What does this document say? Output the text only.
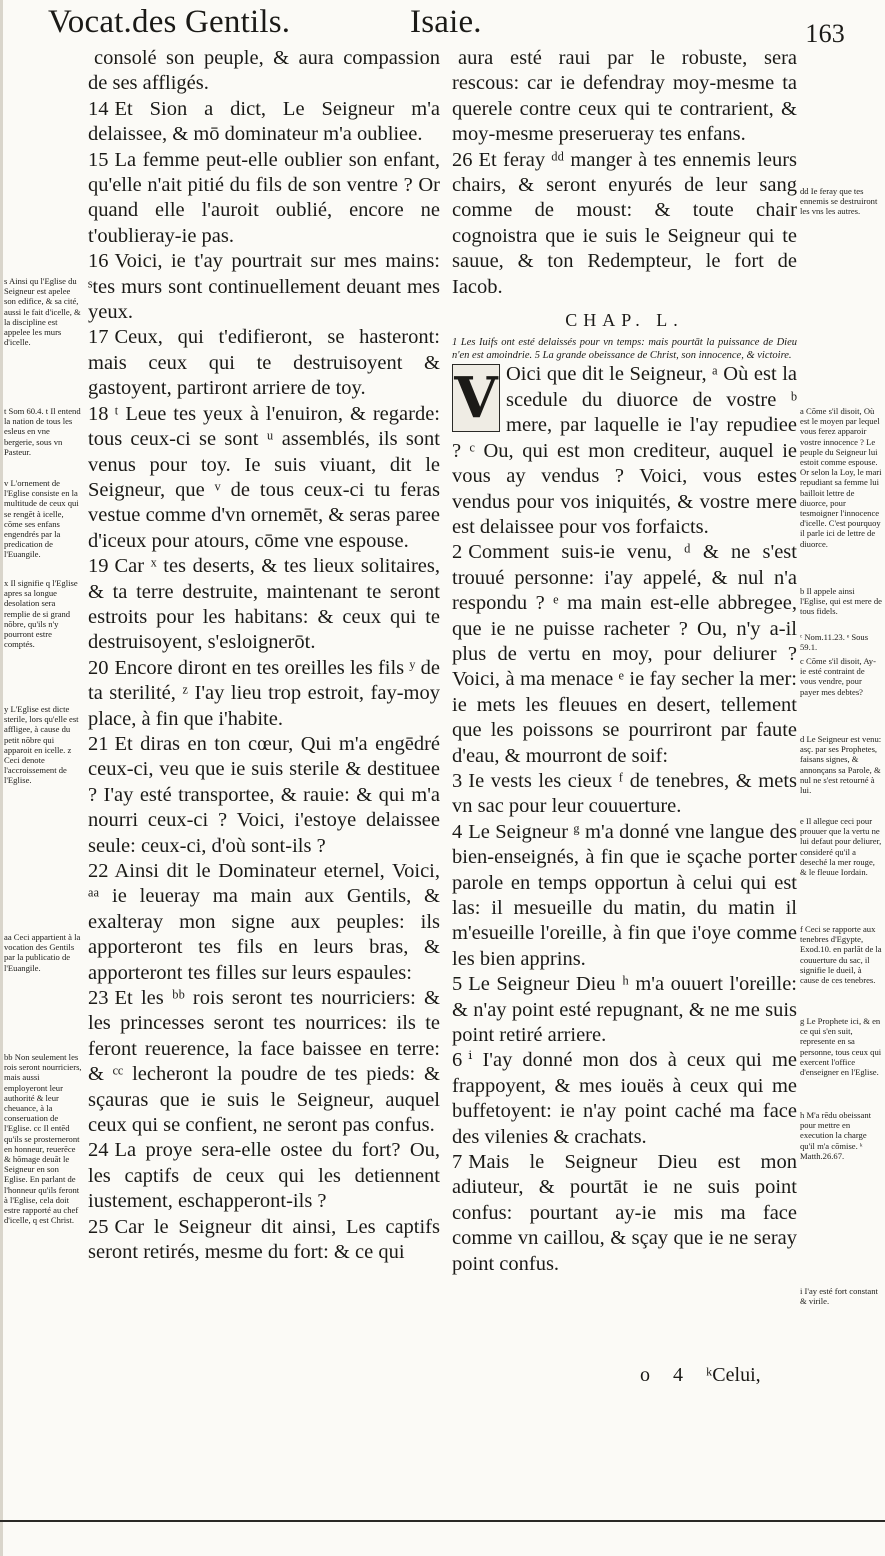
Vocat.des Gentils.	Isaie.	163

s Ainsi qu l'Eglise du Seigneur est apelee son edifice, & sa cité, aussi le fait d'icelle, & la discipline est appelee les murs d'icelle.

t Som 60.4. t Il entend la nation de tous les esleus en vne bergerie, sous vn Pasteur.

v L'ornement de l'Eglise consiste en la multitude de ceux qui se rengēt à icelle, cōme ses enfans engendrés par la predication de l'Euangile.

x Il signifie q l'Eglise apres sa longue desolation sera remplie de si grand nōbre, qu'ils n'y pourront estre comptés.

y L'Eglise est dicte sterile, lors qu'elle est affligee, à cause du petit nōbre qui apparoit en icelle. z Ceci denote l'accroissement de l'Eglise.

aa Ceci appartient à la vocation des Gentils par la publicatio de l'Euangile.

bb Non seulement les rois seront nourriciers, mais aussi employeront leur authorité & leur cheuance, à la conseruation de l'Eglise. cc Il entēd qu'ils se prosterneront en honneur, reuerēce & hōmage deuāt le Seigneur en son Eglise. En parlant de l'honneur qu'ils feront à l'Eglise, cela doit estre rapporté au chef d'icelle, q est Christ.

consolé son peuple, & aura compassion de ses affligés.

14 Et Sion a dict, Le Seigneur m'a delaissee, & mō dominateur m'a oubliee.

15 La femme peut-elle oublier son enfant, qu'elle n'ait pitié du fils de son ventre ? Or quand elle l'auroit oublié, encore ne t'oublieray-ie pas.

16 Voici, ie t'ay pourtrait sur mes mains: ˢtes murs sont continuellement deuant mes yeux.

17 Ceux, qui t'edifieront, se hasteront: mais ceux qui te destruisoyent & gastoyent, partiront arriere de toy.

18 ᵗ Leue tes yeux à l'enuiron, & regarde: tous ceux-ci se sont ᵘ assemblés, ils sont venus pour toy. Ie suis viuant, dit le Seigneur, que ᵛ de tous ceux-ci tu feras vestue comme d'vn ornemēt, & seras paree d'iceux pour atours, cōme vne espouse.

19 Car ˣ tes deserts, & tes lieux solitaires, & ta terre destruite, maintenant te seront estroits pour les habitans: & ceux qui te destruisoyent, s'esloignerōt.

20 Encore diront en tes oreilles les fils ʸ de ta sterilité, ᶻ I'ay lieu trop estroit, fay-moy place, à fin que i'habite.

21 Et diras en ton cœur, Qui m'a engēdré ceux-ci, veu que ie suis sterile & destituee ? I'ay esté transportee, & rauie: & qui m'a nourri ceux-ci ? Voici, i'estoye delaissee seule: ceux-ci, d'où sont-ils ?

22 Ainsi dit le Dominateur eternel, Voici, ᵃᵃ ie leueray ma main aux Gentils, & exalteray mon signe aux peuples: ils apporteront tes fils en leurs bras, & apporteront tes filles sur leurs espaules:

23 Et les ᵇᵇ rois seront tes nourriciers: & les princesses seront tes nourrices: ils te feront reuerence, la face baissee en terre: & ᶜᶜ lecheront la poudre de tes pieds: & sçauras que ie suis le Seigneur, auquel ceux qui se confient, ne seront pas confus.

24 La proye sera-elle ostee du fort? Ou, les captifs de ceux qui les detiennent iustement, eschapperont-ils ?

25 Car le Seigneur dit ainsi, Les captifs seront retirés, mesme du fort: & ce qui

aura esté raui par le robuste, sera rescous: car ie defendray moy-mesme ta querele contre ceux qui te contrarient, & moy-mesme preserueray tes enfans.

26 Et feray ᵈᵈ manger à tes ennemis leurs chairs, & seront enyurés de leur sang comme de moust: & toute chair cognoistra que ie suis le Seigneur qui te sauue, & ton Redempteur, le fort de Iacob.

CHAP. L.

1 Les Iuifs ont esté delaissés pour vn temps: mais pourtāt la puissance de Dieu n'en est amoindrie. 5 La grande obeissance de Christ, son innocence, & victoire.

V Oici que dit le Seigneur, ᵃ Où est la scedule du diuorce de vostre ᵇ mere, par laquelle ie l'ay repudiee ? ᶜ Ou, qui est mon crediteur, auquel ie vous ay vendus ? Voici, vous estes vendus pour vos iniquités, & vostre mere est delaissee pour vos forfaicts.

2 Comment suis-ie venu, ᵈ & ne s'est trouué personne: i'ay appelé, & nul n'a respondu ? ᵉ ma main est-elle abbregee, que ie ne puisse racheter ? Ou, n'y a-il plus de vertu en moy, pour deliurer ? Voici, à ma menace ᵉ ie fay secher la mer: ie mets les fleuues en desert, tellement que les poissons se pourriront par faute d'eau, & mourront de soif:

3 Ie vests les cieux ᶠ de tenebres, & mets vn sac pour leur couuerture.

4 Le Seigneur ᵍ m'a donné vne langue des bien-enseignés, à fin que ie sçache porter parole en temps opportun à celui qui est las: il mesueille du matin, du matin il m'esueille l'oreille, à fin que i'oye comme les bien apprins.

5 Le Seigneur Dieu ʰ m'a ouuert l'oreille: & n'ay point esté repugnant, & ne me suis point retiré arriere.

6 ⁱ I'ay donné mon dos à ceux qui me frappoyent, & mes iouës à ceux qui me buffetoyent: ie n'ay point caché ma face des vilenies & crachats.

7 Mais le Seigneur Dieu est mon adiuteur, & pourtāt ie ne suis point confus: pourtant ay-ie mis ma face comme vn caillou, & sçay que ie ne seray point confus.

dd Ie feray que tes ennemis se destruiront les vns les autres.

a Cōme s'il disoit, Où est le moyen par lequel vous ferez apparoir vostre innocence ? Le peuple du Seigneur lui estoit comme espouse. Or selon la Loy, le mari repudiant sa femme lui bailloit lettre de diuorce, pour tesmoigner l'innocence d'icelle. C'est pourquoy il parle ici de lettre de diuorce.

b Il appele ainsi l'Eglise, qui est mere de tous fidels.

ᶜ Nom.11.23. ᵉ Sous 59.1.

c Cōme s'il disoit, Ay-ie esté contraint de vous vendre, pour payer mes debtes?

d Le Seigneur est venu: asç. par ses Prophetes, faisans signes, & annonçans sa Parole, & nul ne s'est retourné à lui.

e Il allegue ceci pour prouuer que la vertu ne lui defaut pour deliurer, consideré qu'il a deseché la mer rouge, & le fleuue Iordain.

f Ceci se rapporte aux tenebres d'Egypte, Exod.10. en parlāt de la couuerture du sac, il signifie le dueil, à cause de ces tenebres.

g Le Prophete ici, & en ce qui s'en suit, represente en sa personne, tous ceux qui exercent l'office d'enseigner en l'Eglise.

h M'a rēdu obeissant pour mettre en execution la charge qu'il m'a cōmise. ᵏ Matth.26.67.

i I'ay esté fort constant & virile.

o 4 ᵏCelui,
